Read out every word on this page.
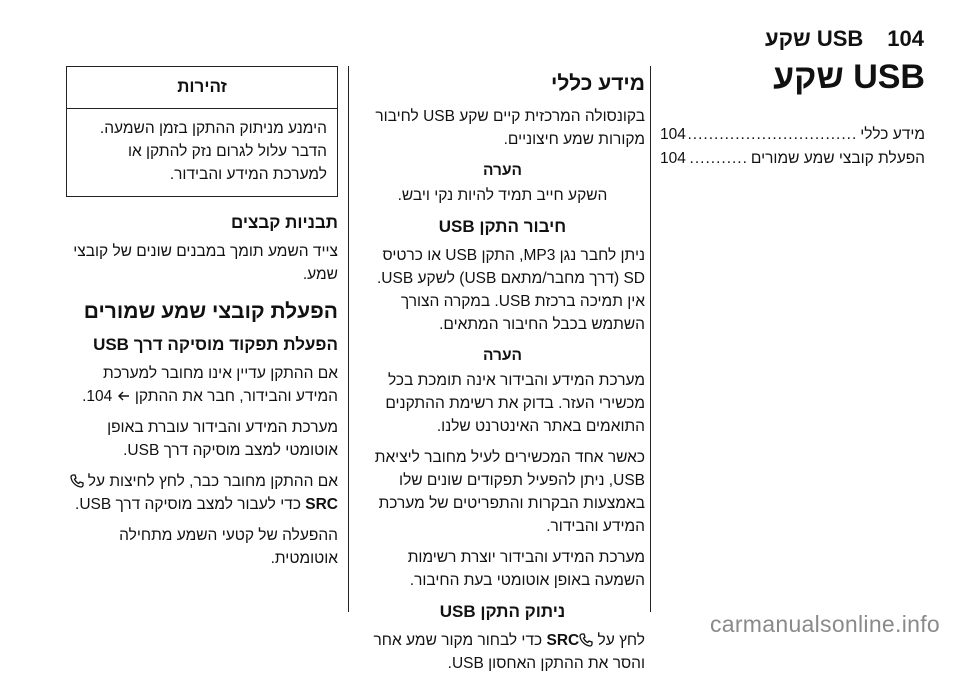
104
USB שקע
USB שקע
מידע כללי
.....
104
הפעלת קובצי שמע שמורים
.....
104
מידע כללי

בקונסולה המרכזית קיים שקע USB לחיבור מקורות שמע חיצוניים.

הערה

השקע חייב תמיד להיות נקי ויבש.

חיבור התקן USB

ניתן לחבר נגן MP3, התקן USB או כרטיס SD (דרך מחבר/מתאם USB) לשקע USB. אין תמיכה ברכזת USB. במקרה הצורך השתמש בכבל החיבור המתאים.

הערה

מערכת המידע והבידור אינה תומכת בכל מכשירי העזר. בדוק את רשימת ההתקנים התואמים באתר האינטרנט שלנו.

כאשר אחד המכשירים לעיל מחובר ליציאת USB, ניתן להפעיל תפקודים שונים שלו באמצעות הבקרות והתפריטים של מערכת המידע והבידור.

מערכת המידע והבידור יוצרת רשימות השמעה באופן אוטומטי בעת החיבור.

ניתוק התקן USB

לחץ על SRC כדי לבחור מקור שמע אחר והסר את ההתקן האחסון USB.

זהירות
הימנע מניתוק ההתקן בזמן השמעה. הדבר עלול לגרום נזק להתקן או למערכת המידע והבידור.
תבניות קבצים

צייד השמע תומך במבנים שונים של קובצי שמע.

הפעלת קובצי שמע שמורים
הפעלת תפקוד מוסיקה דרך USB

אם ההתקן עדיין אינו מחובר למערכת המידע והבידור, חבר את ההתקן  104.

מערכת המידע והבידור עוברת באופן אוטומטי למצב מוסיקה דרך USB.

אם ההתקן מחובר כבר, לחץ לחיצות על SRC כדי לעבור למצב מוסיקה דרך USB.

ההפעלה של קטעי השמע מתחילה אוטומטית.

carmanualsonline.info
